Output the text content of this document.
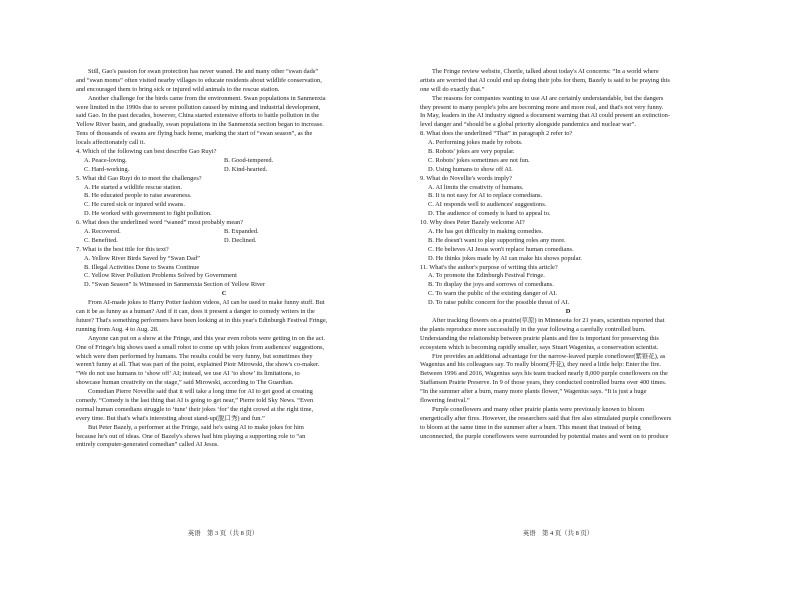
Still, Gao's passion for swan protection has never waned. He and many other “swan dads”
and “swan moms” often visited nearby villages to educate residents about wildlife conservation,
and encouraged them to bring sick or injured wild animals to the rescue station.
Another challenge for the birds came from the environment. Swan populations in Sanmenxia
were limited in the 1990s due to severe pollution caused by mining and industrial development,
said Gao. In the past decades, however, China started extensive efforts to battle pollution in the
Yellow River basin, and gradually, swan populations in the Sanmenxia section began to increase.
Tens of thousands of swans are flying back home, marking the start of “swan season”, as the
locals affectionately call it.
4. Which of the following can best describe Gao Ruyi?
A. Peace-loving.	B. Good-tempered.
C. Hard-working.	D. Kind-hearted.
5. What did Gao Ruyi do to meet the challenges?
A. He started a wildlife rescue station.
B. He educated people to raise awareness.
C. He cured sick or injured wild swans.
D. He worked with government to fight pollution.
6. What does the underlined word “waned” most probably mean?
A. Recovered.	B. Expanded.
C. Benefited.	D. Declined.
7. What is the best title for this text?
A. Yellow River Birds Saved by “Swan Dad”
B. Illegal Activities Done to Swans Continue
C. Yellow River Pollution Problems Solved by Government
D. “Swan Season” Is Witnessed in Sanmenxia Section of Yellow River
C
From AI-made jokes to Harry Potter fashion videos, AI can be used to make funny stuff. But
can it be as funny as a human? And if it can, does it present a danger to comedy writers in the
future? That's something performers have been looking at in this year's Edinburgh Festival Fringe,
running from Aug. 4 to Aug. 28.
Anyone can put on a show at the Fringe, and this year even robots were getting in on the act.
One of Fringe's big shows used a small robot to come up with jokes from audiences' suggestions,
which were then performed by humans. The results could be very funny, but sometimes they
weren't funny at all. That was part of the point, explained Piotr Mirowski, the show's co-maker.
“We do not use humans to ‘show off’ AI; instead, we use AI ‘to show’ its limitations, to
showcase human creativity on the stage,” said Mirowski, according to The Guardian.
Comedian Pierre Novellie said that it will take a long time for AI to get good at creating
comedy. “Comedy is the last thing that AI is going to get near,” Pierre told Sky News. “Even
normal human comedians struggle to ‘tune’ their jokes ‘for’ the right crowd at the right time,
every time. But that's what's interesting about stand-up(脱口秀) and fun.”
But Peter Bazely, a performer at the Fringe, said he's using AI to make jokes for him
because he's out of ideas. One of Bazely's shows had him playing a supporting role to “an
entirely computer-generated comedian” called AI Jesus.
The Fringe review website, Chortle, talked about today's AI concerns: “In a world where
artists are worried that AI could end up doing their jobs for them, Bazely is said to be praying this
one will do exactly that.”
The reasons for companies wanting to use AI are certainly understandable, but the dangers
they present to many people's jobs are becoming more and more real, and that's not very funny.
In May, leaders in the AI industry signed a document warning that AI could present an extinction-
level danger and “should be a global priority alongside pandemics and nuclear war”.
8. What does the underlined “That” in paragraph 2 refer to?
A. Performing jokes made by robots.
B. Robots' jokes are very popular.
C. Robots' jokes sometimes are not fun.
D. Using humans to show off AI.
9. What do Novellie's words imply?
A. AI limits the creativity of humans.
B. It is not easy for AI to replace comedians.
C. AI responds well to audiences' suggestions.
D. The audience of comedy is hard to appeal to.
10. Why does Peter Bazely welcome AI?
A. He has got difficulty in making comedies.
B. He doesn't want to play supporting roles any more.
C. He believes AI Jesus won't replace human comedians.
D. He thinks jokes made by AI can make his shows popular.
11. What's the author's purpose of writing this article?
A. To promote the Edinburgh Festival Fringe.
B. To display the joys and sorrows of comedians.
C. To warn the public of the existing danger of AI.
D. To raise public concern for the possible threat of AI.
D
After tracking flowers on a prairie(草原) in Minnesota for 21 years, scientists reported that
the plants reproduce more successfully in the year following a carefully controlled burn.
Understanding the relationship between prairie plants and fire is important for preserving this
ecosystem which is becoming rapidly smaller, says Stuart Wagenius, a conservation scientist.
Fire provides an additional advantage for the narrow-leaved purple coneflower(紫锥花), as
Wagenius and his colleagues say. To really bloom(开花), they need a little help: Enter the fire.
Between 1996 and 2016, Wagenius says his team tracked nearly 8,000 purple coneflowers on the
Staffanson Prairie Preserve. In 9 of those years, they conducted controlled burns over 400 times.
“In the summer after a burn, many more plants flower,” Wagenius says. “It is just a huge
flowering festival.”
Purple coneflowers and many other prairie plants were previously known to bloom
energetically after fires. However, the researchers said that fire also stimulated purple coneflowers
to bloom at the same time in the summer after a burn. This meant that instead of being
unconnected, the purple coneflowers were surrounded by potential mates and went on to produce
英语　第 3 页（共 8 页）	英语　第 4 页（共 8 页）
